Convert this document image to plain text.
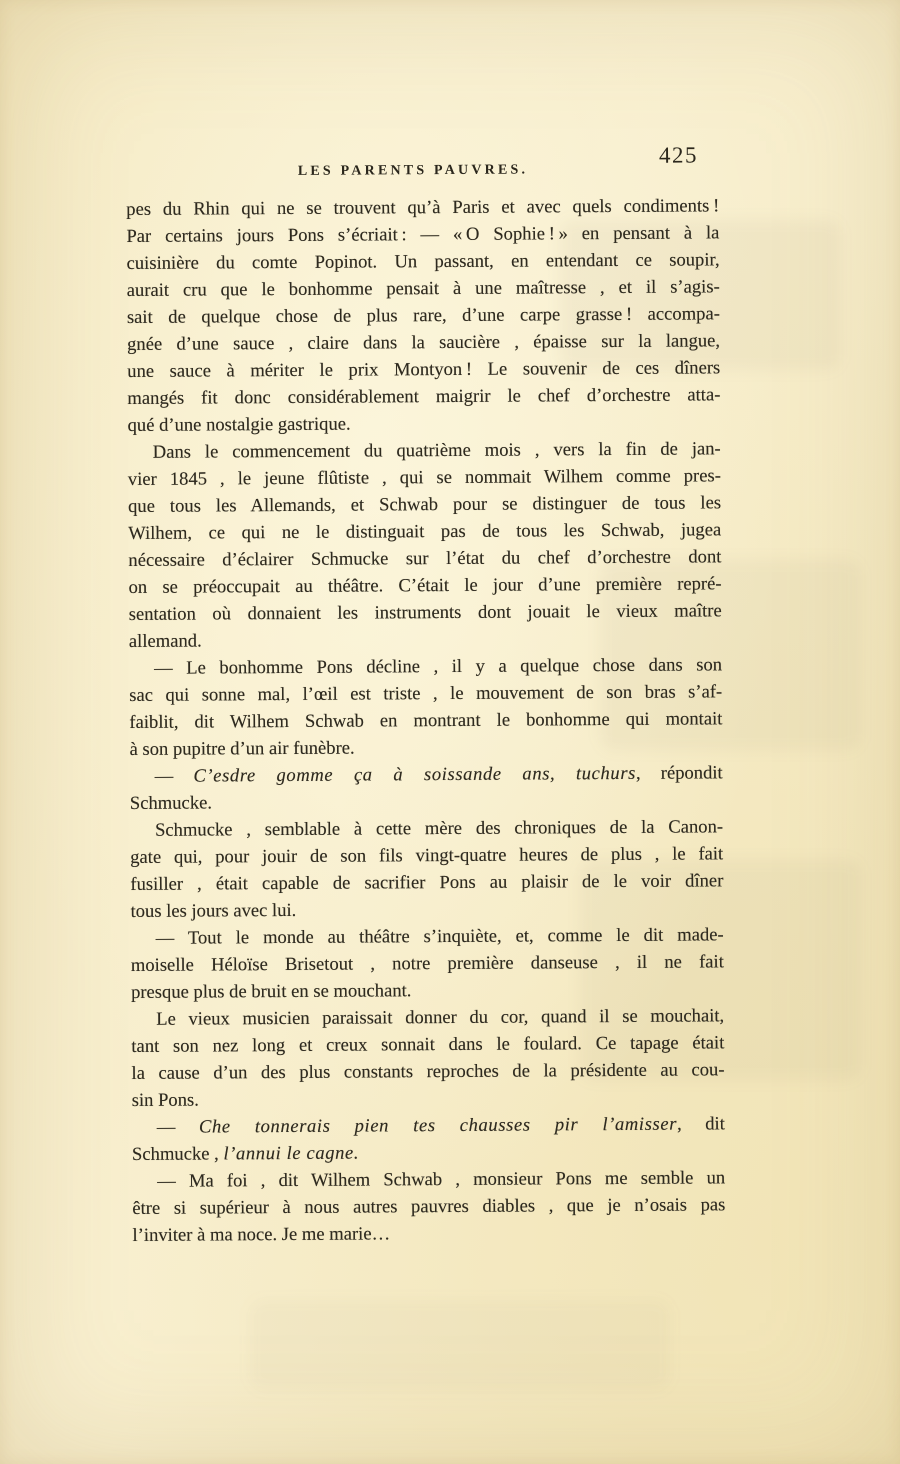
LES PARENTS PAUVRES.
425
pes du Rhin qui ne se trouvent qu’à Paris et avec quels condiments !
Par certains jours Pons s’écriait : — « O Sophie ! » en pensant à la
cuisinière du comte Popinot. Un passant, en entendant ce soupir,
aurait cru que le bonhomme pensait à une maîtresse , et il s’agis-
sait de quelque chose de plus rare, d’une carpe grasse ! accompa-
gnée d’une sauce , claire dans la saucière , épaisse sur la langue,
une sauce à mériter le prix Montyon ! Le souvenir de ces dîners
mangés fit donc considérablement maigrir le chef d’orchestre atta-
qué d’une nostalgie gastrique.
Dans le commencement du quatrième mois , vers la fin de jan-
vier 1845 , le jeune flûtiste , qui se nommait Wilhem comme pres-
que tous les Allemands, et Schwab pour se distinguer de tous les
Wilhem, ce qui ne le distinguait pas de tous les Schwab, jugea
nécessaire d’éclairer Schmucke sur l’état du chef d’orchestre dont
on se préoccupait au théâtre. C’était le jour d’une première repré-
sentation où donnaient les instruments dont jouait le vieux maître
allemand.
— Le bonhomme Pons décline , il y a quelque chose dans son
sac qui sonne mal, l’œil est triste , le mouvement de son bras s’af-
faiblit, dit Wilhem Schwab en montrant le bonhomme qui montait
à son pupitre d’un air funèbre.
— C’esdre gomme ça à soissande ans, tuchurs, répondit
Schmucke.
Schmucke , semblable à cette mère des chroniques de la Canon-
gate qui, pour jouir de son fils vingt-quatre heures de plus , le fait
fusiller , était capable de sacrifier Pons au plaisir de le voir dîner
tous les jours avec lui.
— Tout le monde au théâtre s’inquiète, et, comme le dit made-
moiselle Héloïse Brisetout , notre première danseuse , il ne fait
presque plus de bruit en se mouchant.
Le vieux musicien paraissait donner du cor, quand il se mouchait,
tant son nez long et creux sonnait dans le foulard. Ce tapage était
la cause d’un des plus constants reproches de la présidente au cou-
sin Pons.
— Che tonnerais pien tes chausses pir l’amisser, dit
Schmucke , l’annui le cagne.
— Ma foi , dit Wilhem Schwab , monsieur Pons me semble un
être si supérieur à nous autres pauvres diables , que je n’osais pas
l’inviter à ma noce. Je me marie…
